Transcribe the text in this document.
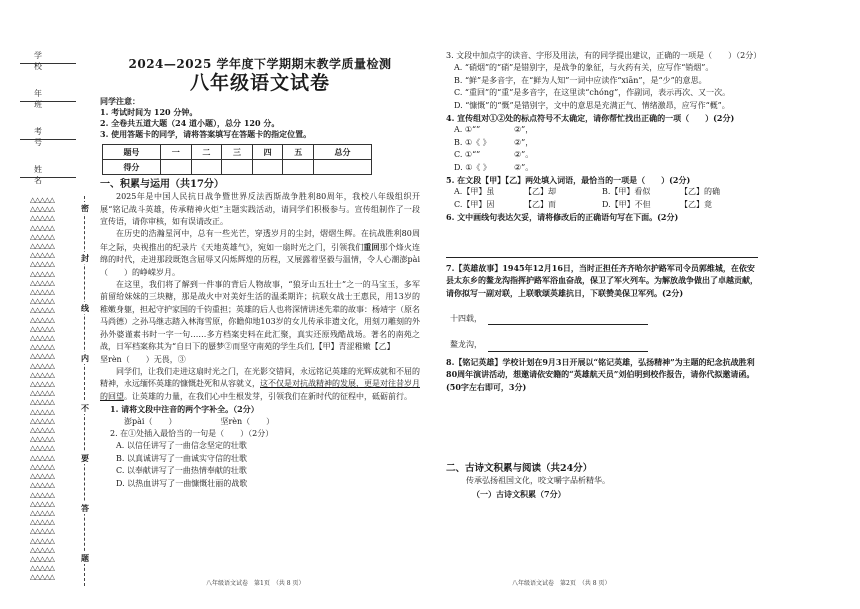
学 校
年 班
考 号
姓 名
△△△△△
△△△△△
△△△△△
△△△△△
△△△△△
△△△△△
△△△△△
△△△△△
△△△△△
△△△△△
△△△△△
△△△△△
△△△△△
△△△△△
△△△△△
△△△△△
△△△△△
△△△△△
△△△△△
△△△△△
△△△△△
△△△△△
△△△△△
△△△△△
△△△△△
△△△△△
△△△△△
△△△△△
△△△△△
△△△△△
△△△△△
△△△△△
△△△△△
△△△△△
△△△△△
△△△△△
△△△△△
△△△△△
△△△△△
△△△△△
△△△△△
△△△△△
密
封
线
内
不
要
答
题
2024—2025 学年度下学期期末教学质量检测
八年级语文试卷
同学注意：
1. 考试时间为 120 分钟。
2. 全卷共五道大题（24 道小题），总分 120 分。
3. 使用答题卡的同学，请将答案填写在答题卡的指定位置。
题号	一	二	三	四	五	总分
得分						
一、积累与运用（共17分）

2025年是中国人民抗日战争暨世界反法西斯战争胜利80周年，我校八年级组织开展“铭记战斗英雄，传承精神火炬”主题实践活动，请同学们积极参与。宣传组制作了一段宣传语，请你审核，如有误请改正。

在历史的浩瀚星河中，总有一些光芒，穿透岁月的尘封，熠熠生辉。在抗战胜利80周年之际，央视推出的纪录片《天地英雄气》，宛如一扇时光之门，引领我们重回那个烽火连绵的时代，走进那段既饱含屈辱又闪烁辉煌的历程，又展露着坚毅与温情，令人心潮澎pài（　　）的峥嵘岁月。

在这里，我们将了解到一件事的背后人物故事，“狼牙山五壮士”之一的马宝玉，多军前留给妹妹的三块糖，那是战火中对美好生活的温柔期许；抗联女战士王惠民，用13岁的稚嫩身躯，担起守护家国的千钧重担；英雄的后人也将深情讲述先辈的故事：杨靖宇（原名马尚德）之孙马继志踏入林海雪原，你瞻仰地103岁的女儿传承非遗文化，用刻刀雕刻的外孙外婆谨素书时一字一句……多方档案史料在此汇聚，真实还原残酷战场。著名的南苑之战，日军档案称其为“自日下的蜃梦②而坚守南苑的学生兵们,【甲】青涩稚嫩【乙】
坚rèn（　　）无畏，③

同学们，让我们走进这扇时光之门，在光影交错间，永远铭记英雄的光辉成就和不屈的精神，永远缅怀英雄的慷慨赴死和从容就义，这不仅是对抗战精神的发展，更是对往昔岁月的回望。让英雄的力量，在我们心中生根发芽，引领我们在新时代的征程中，砥砺前行。

1. 请将文段中注音的两个字补全。（2分）
澎pài（　　）	坚rèn（　　）
2. 在①处插入最恰当的一句是（　　）（2分）
A. 以信任讲写了一曲信念坚定的壮歌
B. 以真诚讲写了一曲诚实守信的壮歌
C. 以奉献讲写了一曲热情奉献的壮歌
D. 以热血讲写了一曲慷慨壮丽的战歌
八年级语文试卷　第1页　（共 8 页）
3. 文段中加点字的读音、字形及用法，有的同学提出建议，正确的一项是（　　）（2分）
A. “硝烟”的“硝”是错别字，是战争的象征，与火药有关，应写作“销烟”。
B. “鲜”是多音字，在“鲜为人知”一词中应读作“xiān”，是“少”的意思。
C. “重回”的“重”是多音字，在这里读“chóng”，作副词，表示再次、又一次。
D. “慷慨”的“慨”是错别字，文中的意思是充满正气、情绪激昂，应写作“概”。
4. 宣传组对①②处的标点符号不太确定，请你帮忙找出正确的一项（　　）(2分)
A. ①“”	②”，
B. ①《 》	②”，
C. ①“”	②”。
D. ①《 》	②”。
5. 在文段【甲】【乙】两处填入词语，最恰当的一项是（　　）(2分)
A.【甲】虽	【乙】却	B.【甲】看似	【乙】的确
C.【甲】因	【乙】而	D.【甲】不但	【乙】竟
6. 文中画线句表达欠妥，请将修改后的正确语句写在下面。(2分)
7.【英雄故事】1945年12月16日，当时正担任齐齐哈尔护路军司令员郭维城，在依安县太东乡的鳌龙沟指挥护路军浴血奋战，保卫了军火列车。为解放战争做出了卓越贡献，请你拟写一副对联，上联歌颂英雄抗日，下联赞美保卫军列。(2分)
十四载，
鳌龙沟，
8.【铭记英雄】学校计划在9月3日开展以“铭记英雄，弘扬精神”为主题的纪念抗战胜利80周年演讲活动，想邀请依安籍的“英雄航天员”刘伯明到校作报告，请你代拟邀请函。(50字左右即可，3分)
二、古诗文积累与阅读（共24分）
传承弘扬祖国文化，咬文嚼字品析精华。
（一）古诗文积累（7分）
八年级语文试卷　第2页　（共 8 页）
